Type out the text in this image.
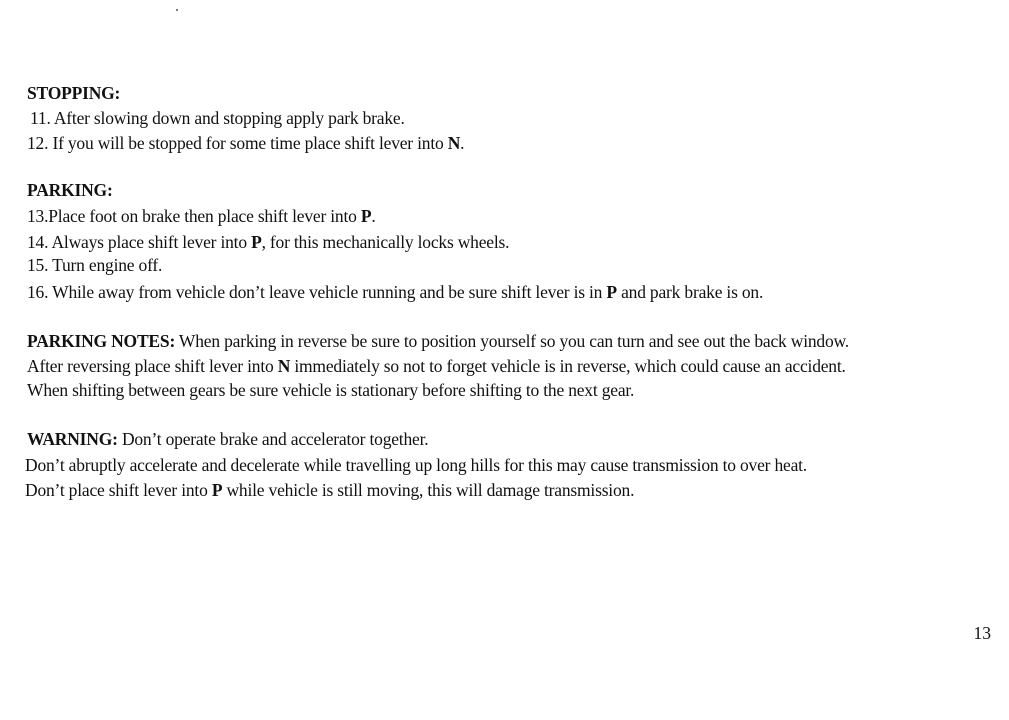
STOPPING:
11. After slowing down and stopping apply park brake.
12. If you will be stopped for some time place shift lever into N.
PARKING:
13.Place foot on brake then place shift lever into P.
14. Always place shift lever into P, for this mechanically locks wheels.
15. Turn engine off.
16. While away from vehicle don’t leave vehicle running and be sure shift lever is in P and park brake is on.
PARKING NOTES: When parking in reverse be sure to position yourself so you can turn and see out the back window.
After reversing place shift lever into N immediately so not to forget vehicle is in reverse, which could cause an accident.
When shifting between gears be sure vehicle is stationary before shifting to the next gear.
WARNING: Don’t operate brake and accelerator together.
Don’t abruptly accelerate and decelerate while travelling up long hills for this may cause transmission to over heat.
Don’t place shift lever into P while vehicle is still moving, this will damage transmission.
13
